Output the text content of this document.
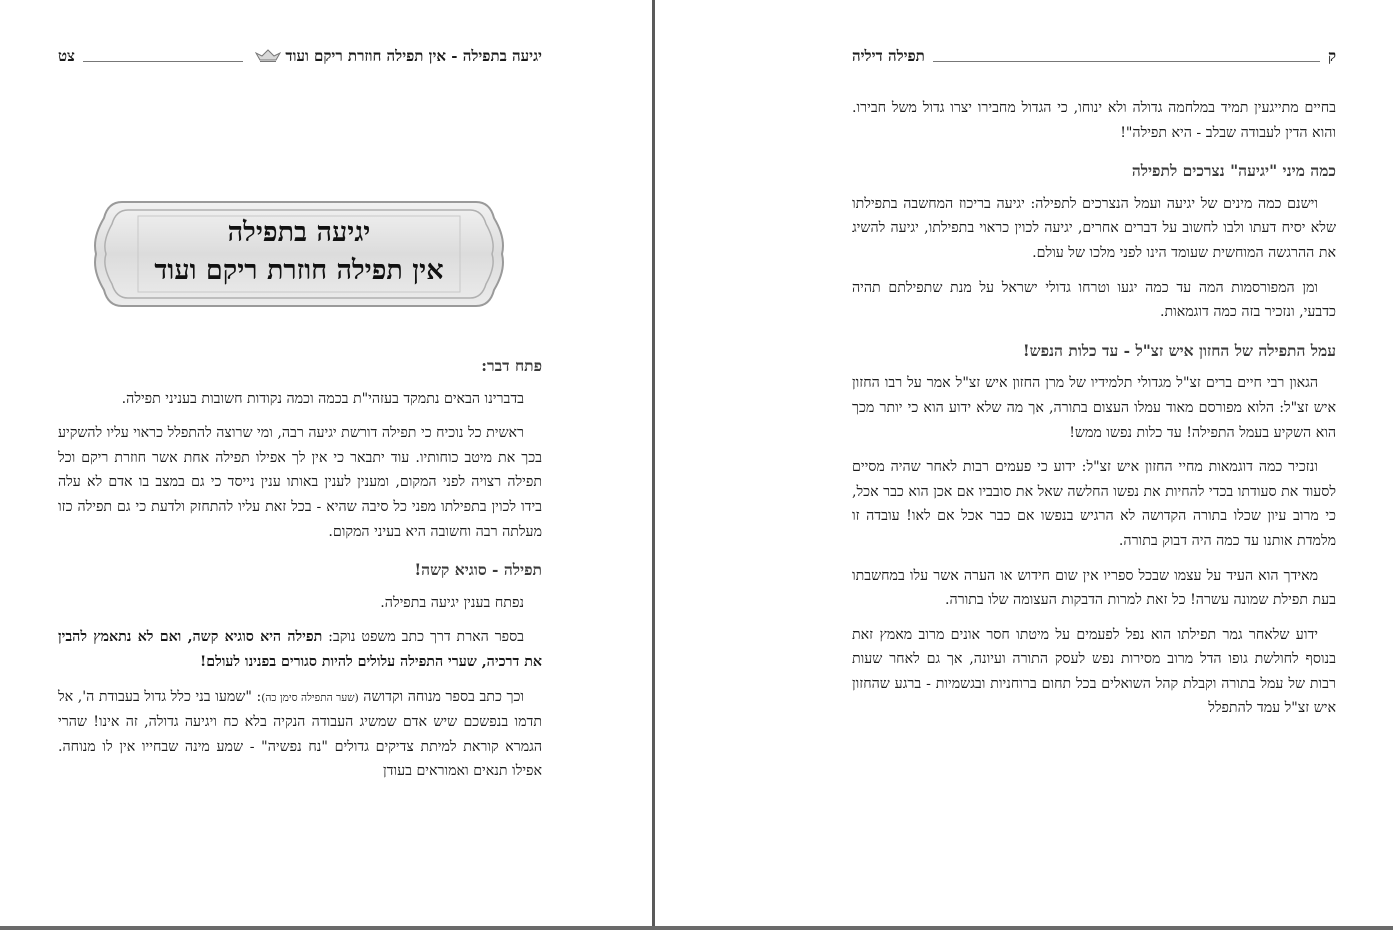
יגיעה בתפילה - אין תפילה חוזרת ריקם ועוד
צט
יגיעה בתפילה
אין תפילה חוזרת ריקם ועוד
פתח דבר:

בדברינו הבאים נתמקד בעזהי"ת בכמה וכמה נקודות חשובות בעניני תפילה.

ראשית כל נוכיח כי תפילה דורשת יגיעה רבה, ומי שרוצה להתפלל כראוי עליו להשקיע בכך את מיטב כוחותיו. עוד יתבאר כי אין לך אפילו תפילה אחת אשר חוזרת ריקם וכל תפילה רצויה לפני המקום, ומענין לענין באותו ענין נייסד כי גם במצב בו אדם לא עלה בידו לכוין בתפילתו מפני כל סיבה שהיא - בכל זאת עליו להתחזק ולדעת כי גם תפילה כזו מעלתה רבה וחשובה היא בעיני המקום.

תפילה - סוגיא קשה!

נפתח בענין יגיעה בתפילה.

בספר הארת דרך כתב משפט נוקב: תפילה היא סוגיא קשה, ואם לא נתאמץ להבין את דרכיה, שערי התפילה עלולים להיות סגורים בפנינו לעולם!

וכך כתב בספר מנוחה וקדושה (שער התפילה סימן כה): "שמעו בני כלל גדול בעבודת ה', אל תדמו בנפשכם שיש אדם שמשיג העבודה הנקיה בלא כח ויגיעה גדולה, זה אינו! שהרי הגמרא קוראת למיתת צדיקים גדולים "נח נפשיה" - שמע מינה שבחייו אין לו מנוחה. אפילו תנאים ואמוראים בעודן

ק
תפילה דיליה

בחיים מתייגעין תמיד במלחמה גדולה ולא ינוחו, כי הגדול מחבירו יצרו גדול משל חבירו. והוא הדין לעבודה שבלב - היא תפילה"!

כמה מיני "יגיעה" נצרכים לתפילה

וישנם כמה מינים של יגיעה ועמל הנצרכים לתפילה: יגיעה בריכוז המחשבה בתפילתו שלא יסיח דעתו ולבו לחשוב על דברים אחרים, יגיעה לכוין כראוי בתפילתו, יגיעה להשיג את ההרגשה המוחשית שעומד הינו לפני מלכו של עולם.

ומן המפורסמות המה עד כמה יגעו וטרחו גדולי ישראל על מנת שתפילתם תהיה כדבעי, ונזכיר בזה כמה דוגמאות.

עמל התפילה של החזון איש זצ"ל - עד כלות הנפש!

הגאון רבי חיים ברים זצ"ל מגדולי תלמידיו של מרן החזון איש זצ"ל אמר על רבו החזון איש זצ"ל: הלוא מפורסם מאוד עמלו העצום בתורה, אך מה שלא ידוע הוא כי יותר מכך הוא השקיע בעמל התפילה! עד כלות נפשו ממש!

ונזכיר כמה דוגמאות מחיי החזון איש זצ"ל: ידוע כי פעמים רבות לאחר שהיה מסיים לסעוד את סעודתו בכדי להחיות את נפשו החלשה שאל את סובביו אם אכן הוא כבר אכל, כי מרוב עיון שכלו בתורה הקדושה לא הרגיש בנפשו אם כבר אכל אם לאו! עובדה זו מלמדת אותנו עד כמה היה דבוק בתורה.

מאידך הוא העיד על עצמו שבכל ספריו אין שום חידוש או הערה אשר עלו במחשבתו בעת תפילת שמונה עשרה! כל זאת למרות הדבקות העצומה שלו בתורה.

ידוע שלאחר גמר תפילתו הוא נפל לפעמים על מיטתו חסר אונים מרוב מאמץ זאת בנוסף לחולשת גופו הדל מרוב מסירות נפש לעסק התורה ועיונה, אך גם לאחר שעות רבות של עמל בתורה וקבלת קהל השואלים בכל תחום ברוחניות ובגשמיות - ברגע שהחזון איש זצ"ל עמד להתפלל
